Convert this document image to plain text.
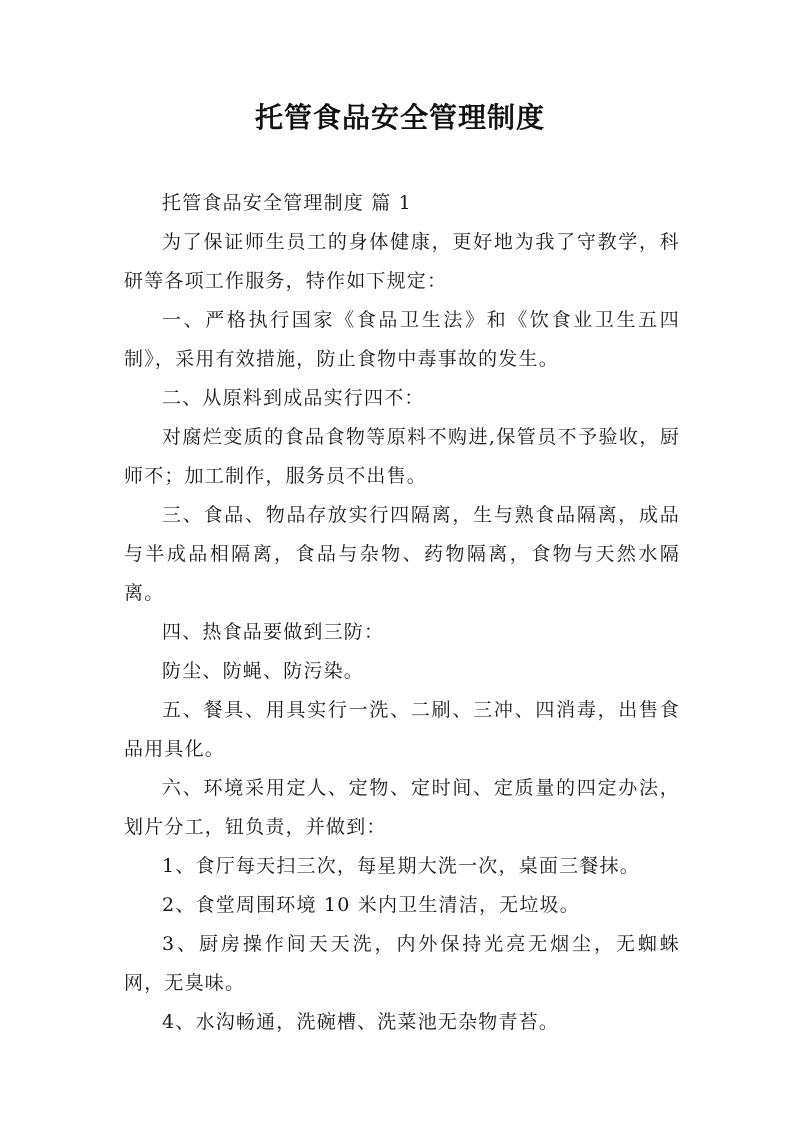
托管食品安全管理制度

托管食品安全管理制度 篇 1

为了保证师生员工的身体健康，更好地为我了守教学，科研等各项工作服务，特作如下规定：

一、严格执行国家《食品卫生法》和《饮食业卫生五四制》，采用有效措施，防止食物中毒事故的发生。

二、从原料到成品实行四不：

对腐烂变质的食品食物等原料不购进,保管员不予验收，厨师不；加工制作，服务员不出售。

三、食品、物品存放实行四隔离，生与熟食品隔离，成品与半成品相隔离，食品与杂物、药物隔离，食物与天然水隔离。

四、热食品要做到三防：

防尘、防蝇、防污染。

五、餐具、用具实行一洗、二刷、三冲、四消毒，出售食品用具化。

六、环境采用定人、定物、定时间、定质量的四定办法，划片分工，钮负责，并做到：

1、食厅每天扫三次，每星期大洗一次，桌面三餐抹。

2、食堂周围环境 10 米内卫生清洁，无垃圾。

3、厨房操作间天天洗，内外保持光亮无烟尘，无蜘蛛网，无臭味。

4、水沟畅通，洗碗槽、洗菜池无杂物青苔。
